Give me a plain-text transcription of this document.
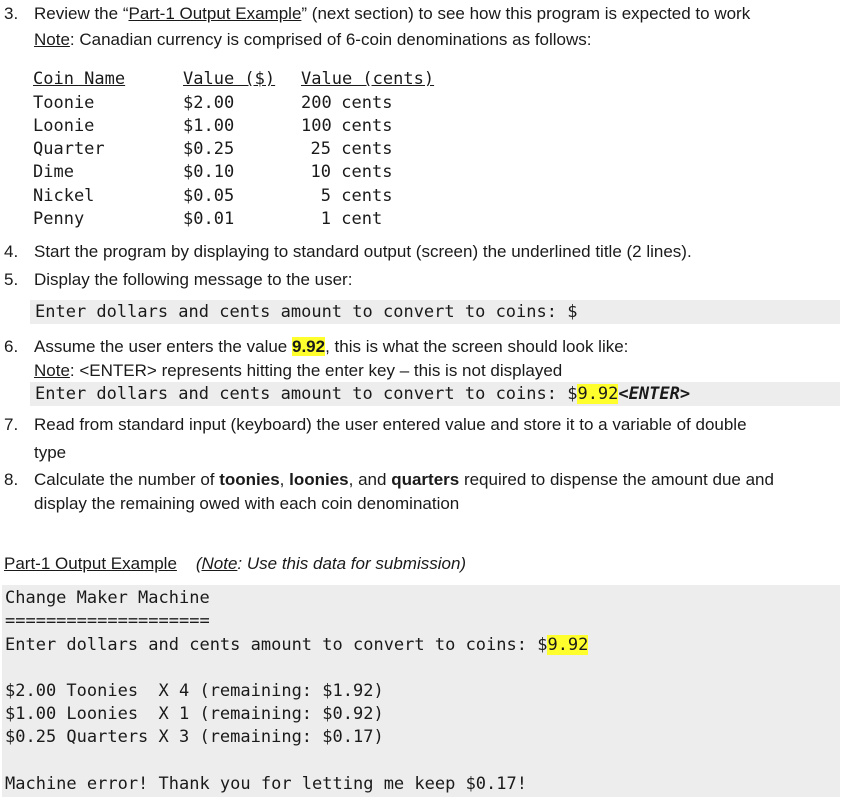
3. Review the “Part-1 Output Example” (next section) to see how this program is expected to work
Note: Canadian currency is comprised of 6-coin denominations as follows:
Coin Name	Value ($)	Value (cents)
Toonie	$2.00	200 cents
Loonie	$1.00	100 cents
Quarter	$0.25	25 cents
Dime	$0.10	10 cents
Nickel	$0.05	5 cents
Penny	$0.01	1 cent
4. Start the program by displaying to standard output (screen) the underlined title (2 lines).
5. Display the following message to the user:
Enter dollars and cents amount to convert to coins: $
6. Assume the user enters the value 9.92, this is what the screen should look like:
Note: <ENTER> represents hitting the enter key – this is not displayed
Enter dollars and cents amount to convert to coins: $9.92<ENTER>
7. Read from standard input (keyboard) the user entered value and store it to a variable of double
type
8. Calculate the number of toonies, loonies, and quarters required to dispense the amount due and
display the remaining owed with each coin denomination
Part-1 Output Example (Note: Use this data for submission)
Change Maker Machine
====================
Enter dollars and cents amount to convert to coins: $9.92
$2.00 Toonies  X 4 (remaining: $1.92)
$1.00 Loonies  X 1 (remaining: $0.92)
$0.25 Quarters X 3 (remaining: $0.17)
Machine error! Thank you for letting me keep $0.17!
